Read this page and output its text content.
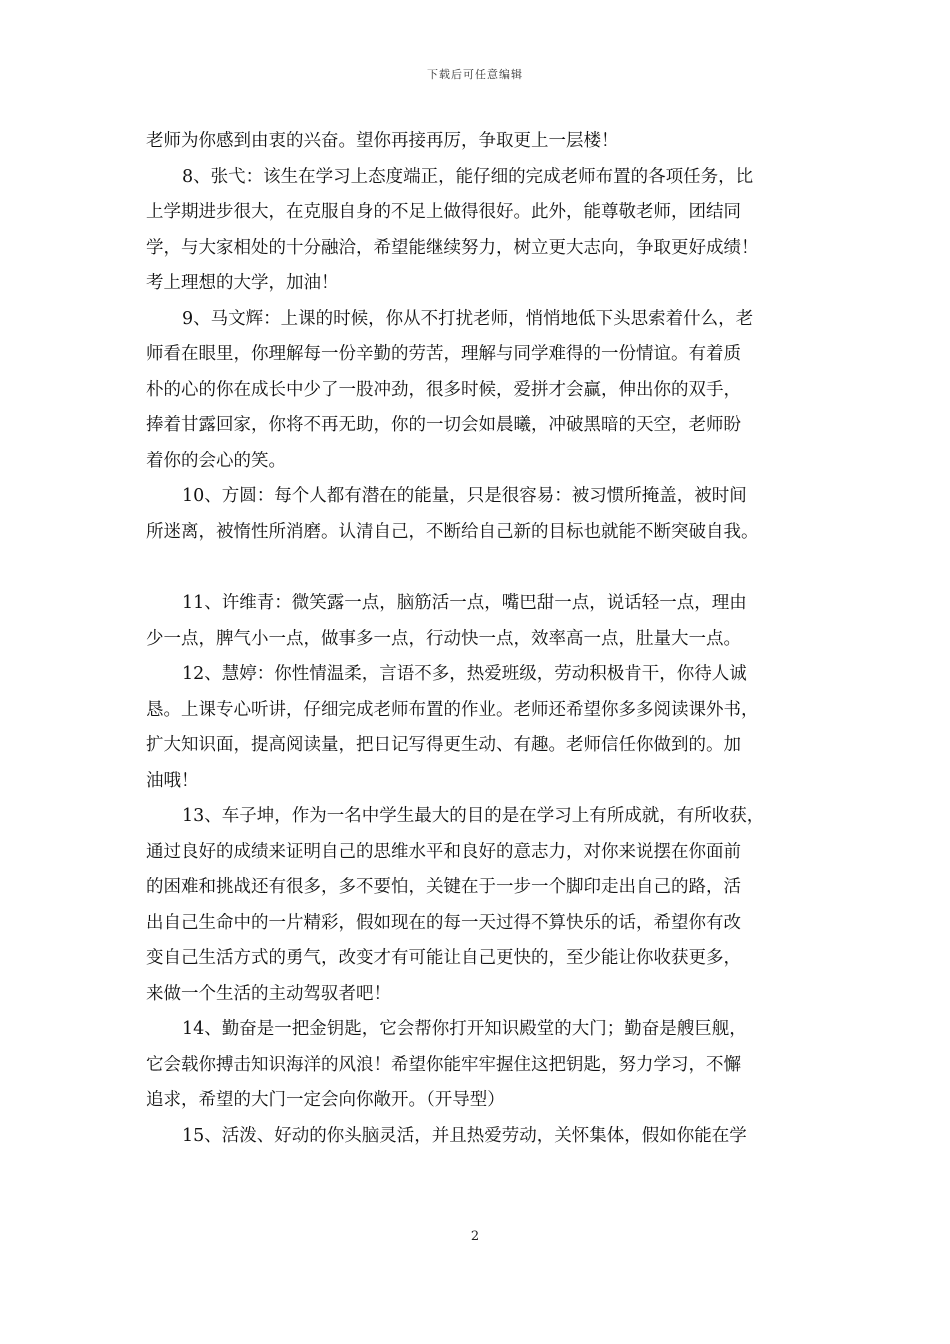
下载后可任意编辑
老师为你感到由衷的兴奋。望你再接再厉，争取更上一层楼！
8、张弋：该生在学习上态度端正，能仔细的完成老师布置的各项任务，比
上学期进步很大，在克服自身的不足上做得很好。此外，能尊敬老师，团结同
学，与大家相处的十分融洽，希望能继续努力，树立更大志向，争取更好成绩！
考上理想的大学，加油！
9、马文辉：上课的时候，你从不打扰老师，悄悄地低下头思索着什么，老
师看在眼里，你理解每一份辛勤的劳苦，理解与同学难得的一份情谊。有着质
朴的心的你在成长中少了一股冲劲，很多时候，爱拼才会赢，伸出你的双手，
捧着甘露回家，你将不再无助，你的一切会如晨曦，冲破黑暗的天空，老师盼
着你的会心的笑。
10、方圆：每个人都有潜在的能量，只是很容易：被习惯所掩盖，被时间
所迷离，被惰性所消磨。认清自己，不断给自己新的目标也就能不断突破自我。
11、许维青：微笑露一点，脑筋活一点，嘴巴甜一点，说话轻一点，理由
少一点，脾气小一点，做事多一点，行动快一点，效率高一点，肚量大一点。
12、慧婷：你性情温柔，言语不多，热爱班级，劳动积极肯干，你待人诚
恳。上课专心听讲，仔细完成老师布置的作业。老师还希望你多多阅读课外书，
扩大知识面，提高阅读量，把日记写得更生动、有趣。老师信任你做到的。加
油哦！
13、车子坤，作为一名中学生最大的目的是在学习上有所成就，有所收获，
通过良好的成绩来证明自己的思维水平和良好的意志力，对你来说摆在你面前
的困难和挑战还有很多，多不要怕，关键在于一步一个脚印走出自己的路，活
出自己生命中的一片精彩，假如现在的每一天过得不算快乐的话，希望你有改
变自己生活方式的勇气，改变才有可能让自己更快的，至少能让你收获更多，
来做一个生活的主动驾驭者吧！
14、勤奋是一把金钥匙，它会帮你打开知识殿堂的大门；勤奋是艘巨舰，
它会载你搏击知识海洋的风浪！希望你能牢牢握住这把钥匙，努力学习，不懈
追求，希望的大门一定会向你敞开。（开导型）
15、活泼、好动的你头脑灵活，并且热爱劳动，关怀集体，假如你能在学
2
